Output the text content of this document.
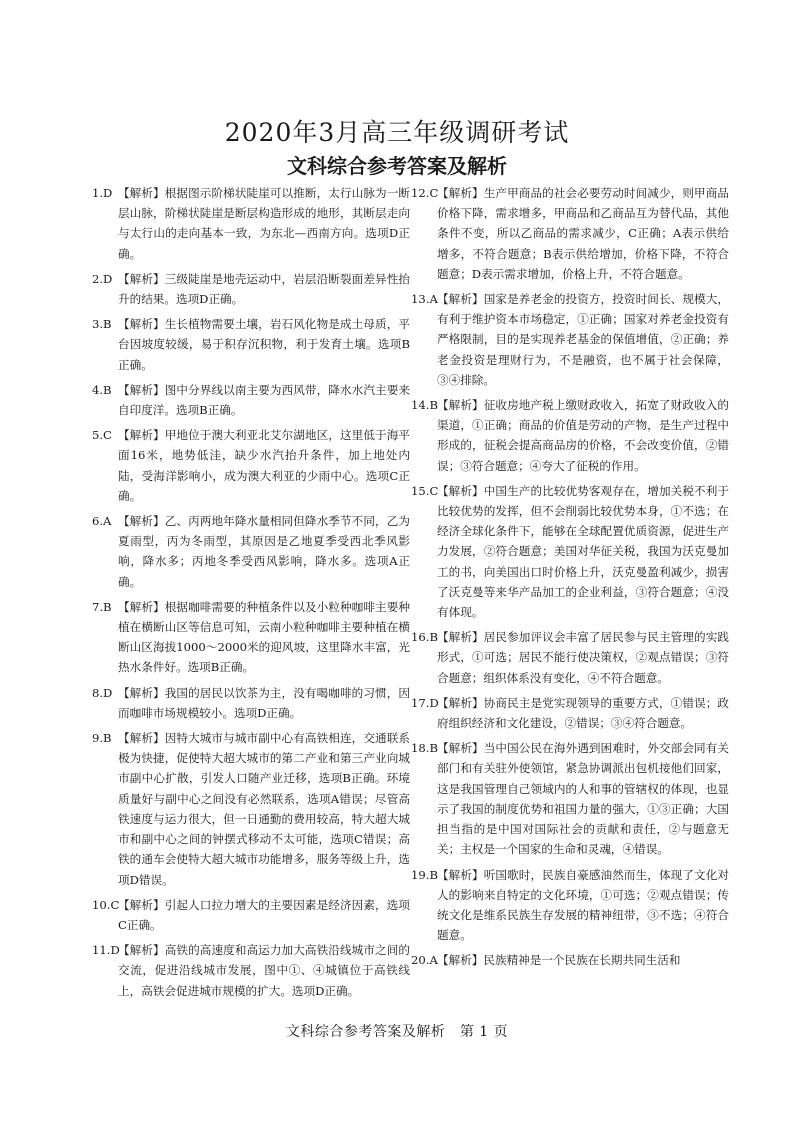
2020年3月高三年级调研考试
文科综合参考答案及解析
1.D 【解析】根据图示阶梯状陡崖可以推断，太行山脉为一断层山脉，阶梯状陡崖是断层构造形成的地形，其断层走向与太行山的走向基本一致，为东北—西南方向。选项D正确。
2.D 【解析】三级陡崖是地壳运动中，岩层沿断裂面差异性抬升的结果。选项D正确。
3.B 【解析】生长植物需要土壤，岩石风化物是成土母质，平台因坡度较缓，易于积存沉积物，利于发育土壤。选项B正确。
4.B 【解析】图中分界线以南主要为西风带，降水水汽主要来自印度洋。选项B正确。
5.C 【解析】甲地位于澳大利亚北艾尔湖地区，这里低于海平面16米，地势低洼，缺少水汽抬升条件，加上地处内陆，受海洋影响小，成为澳大利亚的少雨中心。选项C正确。
6.A 【解析】乙、丙两地年降水量相同但降水季节不同，乙为夏雨型，丙为冬雨型，其原因是乙地夏季受西北季风影响，降水多；丙地冬季受西风影响，降水多。选项A正确。
7.B 【解析】根据咖啡需要的种植条件以及小粒种咖啡主要种植在横断山区等信息可知，云南小粒种咖啡主要种植在横断山区海拔1000～2000米的迎风坡，这里降水丰富，光热水条件好。选项B正确。
8.D 【解析】我国的居民以饮茶为主，没有喝咖啡的习惯，因而咖啡市场规模较小。选项D正确。
9.B 【解析】因特大城市与城市副中心有高铁相连，交通联系极为快捷，促使特大超大城市的第二产业和第三产业向城市副中心扩散，引发人口随产业迁移，选项B正确。环境质量好与副中心之间没有必然联系，选项A错误；尽管高铁速度与运力很大，但一日通勤的费用较高，特大超大城市和副中心之间的钟摆式移动不太可能，选项C错误；高铁的通车会使特大超大城市功能增多，服务等级上升，选项D错误。
10.C
【解析】引起人口拉力增大的主要因素是经济因素，选项C正确。
11.D
【解析】高铁的高速度和高运力加大高铁沿线城市之间的交流，促进沿线城市发展，图中①、④城镇位于高铁线上，高铁会促进城市规模的扩大。选项D正确。
12.C
【解析】生产甲商品的社会必要劳动时间减少，则甲商品价格下降，需求增多，甲商品和乙商品互为替代品，其他条件不变，所以乙商品的需求减少，C正确；A表示供给增多，不符合题意；B表示供给增加，价格下降，不符合题意；D表示需求增加，价格上升，不符合题意。
13.A 【解析】国家是养老金的投资方，投资时间长、规模大，有利于维护资本市场稳定，①正确；国家对养老金投资有严格限制，目的是实现养老基金的保值增值，②正确；养老金投资是理财行为，不是融资，也不属于社会保障，③④排除。
14.B 【解析】征收房地产税上缴财政收入，拓宽了财政收入的渠道，①正确；商品的价值是劳动的产物，是生产过程中形成的，征税会提高商品房的价格，不会改变价值，②错误；③符合题意；④夸大了征税的作用。
15.C
【解析】中国生产的比较优势客观存在，增加关税不利于比较优势的发挥，但不会削弱比较优势本身，①不选；在经济全球化条件下，能够在全球配置优质资源，促进生产力发展，②符合题意；美国对华征关税，我国为沃克曼加工的书，向美国出口时价格上升，沃克曼盈利减少，损害了沃克曼等来华产品加工的企业利益，③符合题意；④没有体现。
16.B 【解析】居民参加评议会丰富了居民参与民主管理的实践形式，①可选；居民不能行使决策权，②观点错误；③符合题意；组织体系没有变化，④不符合题意。
17.D
【解析】协商民主是党实现领导的重要方式，①错误；政府组织经济和文化建设，②错误；③④符合题意。
18.B 【解析】当中国公民在海外遇到困难时，外交部会同有关部门和有关驻外使领馆，紧急协调派出包机接他们回家，这是我国管理自己领域内的人和事的管辖权的体现，也显示了我国的制度优势和祖国力量的强大，①③正确；大国担当指的是中国对国际社会的贡献和责任，②与题意无关；主权是一个国家的生命和灵魂，④错误。
19.B 【解析】听国歌时，民族自豪感油然而生，体现了文化对人的影响来自特定的文化环境，①可选；②观点错误；传统文化是维系民族生存发展的精神纽带，③不选；④符合题意。
20.A 【解析】民族精神是一个民族在长期共同生活和
文科综合参考答案及解析　第 1 页
